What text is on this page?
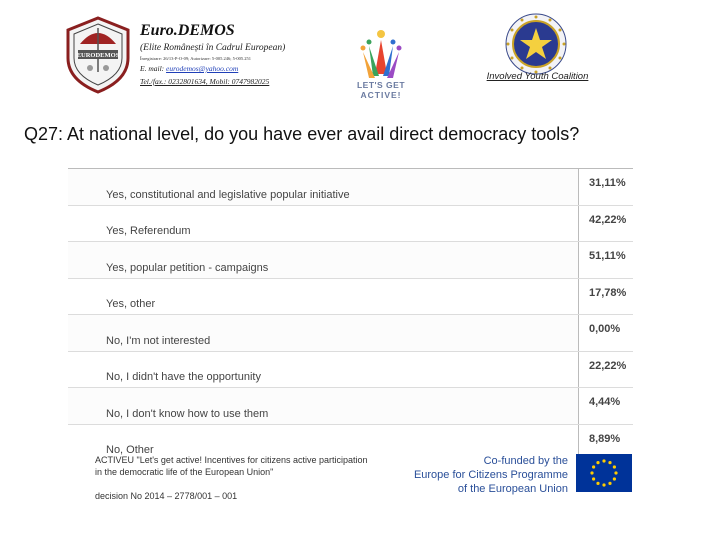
EURODEMOS
Euro.DEMOS
(Elite Românești în Cadrul European)
Înregistrare: 26/13-P-O-09; Autorizare: 5-005.246; 5-005.251
E. mail: eurodemos@yahoo.com
Tel./fax.: 0232801634, Mobil: 0747982025	LET'S GET
ACTIVE!
Involved Youth Coalition
Q27: At national level, do you have ever avail direct democracy tools?
Yes, constitutional and legislative popular initiative
31,11%
Yes, Referendum
42,22%
Yes, popular petition - campaigns
51,11%
Yes, other
17,78%
No, I'm not interested
0,00%
No, I didn't have the opportunity
22,22%
No, I don't know how to use them
4,44%
No, Other
8,89%
ACTIVEU "Let's get active! Incentives for citizens active participation in the democratic life of the European Union"
decision No 2014 – 2778/001 – 001
Co-funded by the
Europe for Citizens Programme
of the European Union
